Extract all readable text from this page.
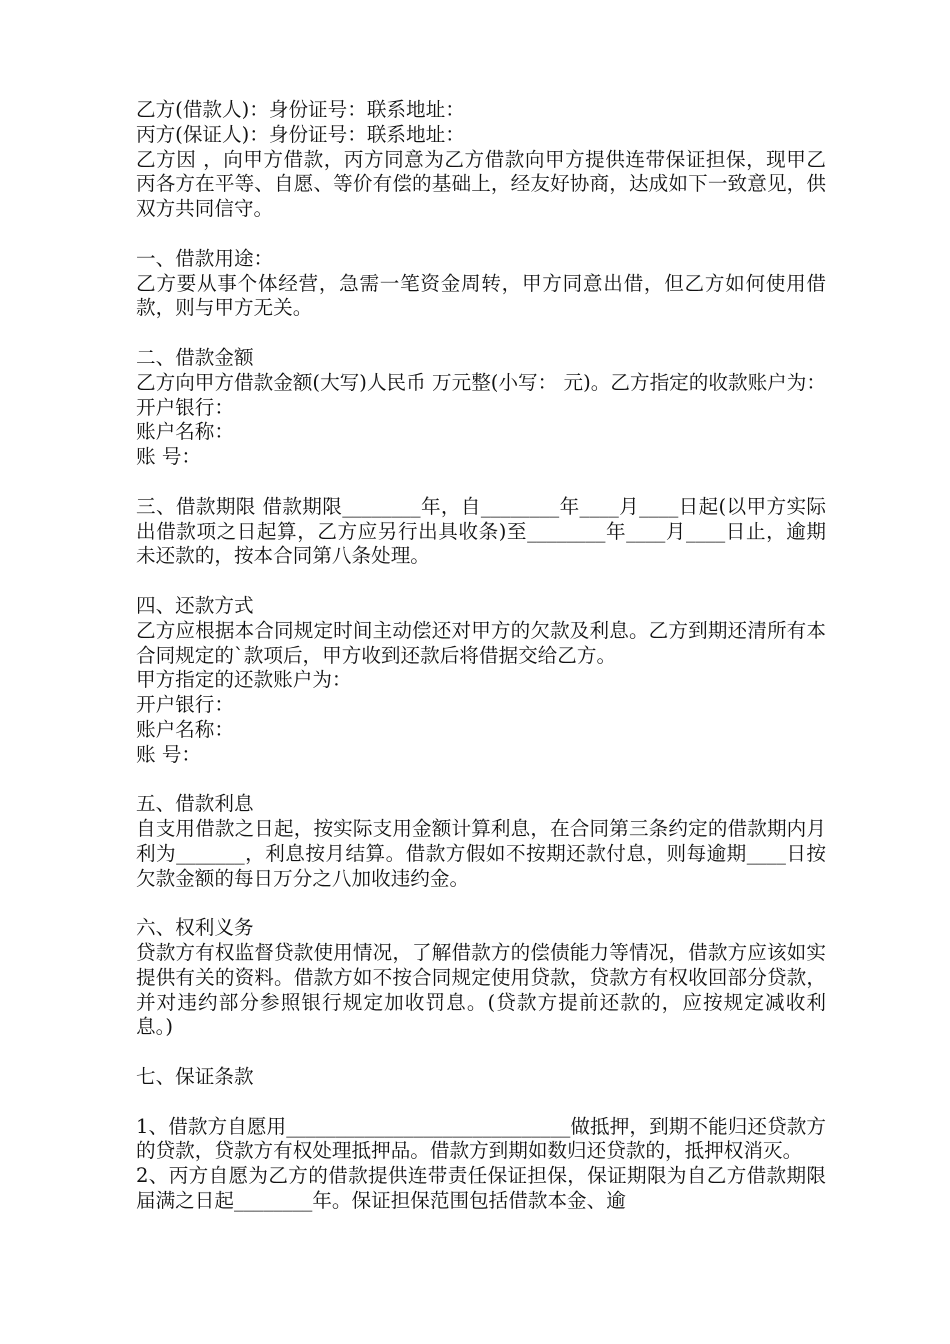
乙方(借款人)：身份证号：联系地址：

丙方(保证人)：身份证号：联系地址：

乙方因 ，向甲方借款，丙方同意为乙方借款向甲方提供连带保证担保，现甲乙丙各方在平等、自愿、等价有偿的基础上，经友好协商，达成如下一致意见，供双方共同信守。

一、借款用途：

乙方要从事个体经营，急需一笔资金周转，甲方同意出借，但乙方如何使用借款，则与甲方无关。

二、借款金额

乙方向甲方借款金额(大写)人民币 万元整(小写： 元)。乙方指定的收款账户为： 开户银行：

账户名称：

账 号：

三、借款期限 借款期限________年，自________年____月____日起(以甲方实际出借款项之日起算，乙方应另行出具收条)至________年____月____日止，逾期未还款的，按本合同第八条处理。

四、还款方式

乙方应根据本合同规定时间主动偿还对甲方的欠款及利息。乙方到期还清所有本合同规定的`款项后，甲方收到还款后将借据交给乙方。

甲方指定的还款账户为：

开户银行：

账户名称：

账 号：

五、借款利息

自支用借款之日起，按实际支用金额计算利息，在合同第三条约定的借款期内月利为_______，利息按月结算。借款方假如不按期还款付息，则每逾期____日按欠款金额的每日万分之八加收违约金。

六、权利义务

贷款方有权监督贷款使用情况，了解借款方的偿债能力等情况，借款方应该如实提供有关的资料。借款方如不按合同规定使用贷款，贷款方有权收回部分贷款，并对违约部分参照银行规定加收罚息。(贷款方提前还款的，应按规定减收利息。)

七、保证条款

1、借款方自愿用_____________________________做抵押，到期不能归还贷款方的贷款，贷款方有权处理抵押品。借款方到期如数归还贷款的，抵押权消灭。

2、丙方自愿为乙方的借款提供连带责任保证担保，保证期限为自乙方借款期限届满之日起________年。保证担保范围包括借款本金、逾
